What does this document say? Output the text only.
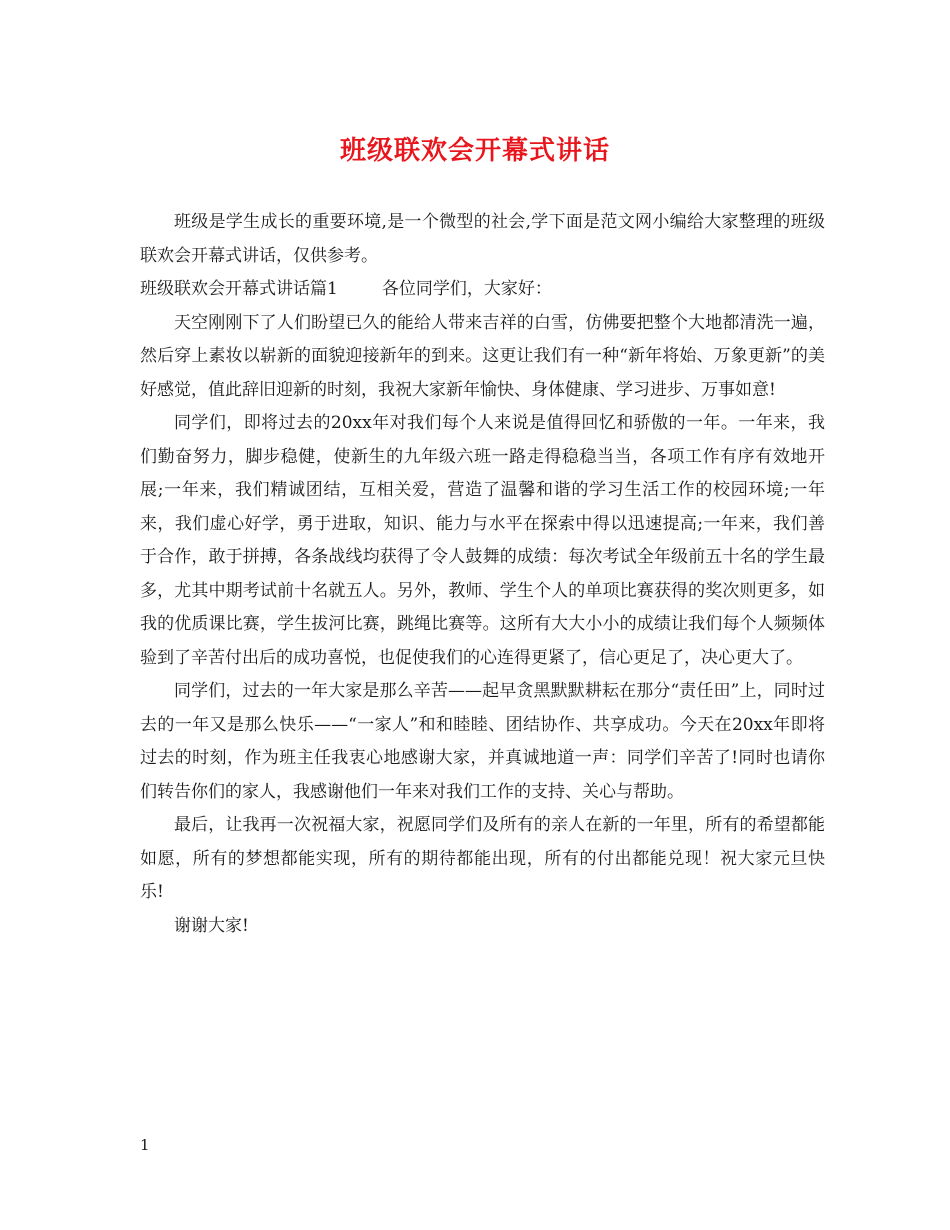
班级联欢会开幕式讲话

班级是学生成长的重要环境,是一个微型的社会,学下面是范文网小编给大家整理的班级联欢会开幕式讲话，仅供参考。

班级联欢会开幕式讲话篇1	各位同学们，大家好：

天空刚刚下了人们盼望已久的能给人带来吉祥的白雪，仿佛要把整个大地都清洗一遍，然后穿上素妆以崭新的面貌迎接新年的到来。这更让我们有一种“新年将始、万象更新”的美好感觉，值此辞旧迎新的时刻，我祝大家新年愉快、身体健康、学习进步、万事如意!

同学们，即将过去的20xx年对我们每个人来说是值得回忆和骄傲的一年。一年来，我们勤奋努力，脚步稳健，使新生的九年级六班一路走得稳稳当当，各项工作有序有效地开展;一年来，我们精诚团结，互相关爱，营造了温馨和谐的学习生活工作的校园环境;一年来，我们虚心好学，勇于进取，知识、能力与水平在探索中得以迅速提高;一年来，我们善于合作，敢于拼搏，各条战线均获得了令人鼓舞的成绩：每次考试全年级前五十名的学生最多，尤其中期考试前十名就五人。另外，教师、学生个人的单项比赛获得的奖次则更多，如我的优质课比赛，学生拔河比赛，跳绳比赛等。这所有大大小小的成绩让我们每个人频频体验到了辛苦付出后的成功喜悦，也促使我们的心连得更紧了，信心更足了，决心更大了。

同学们，过去的一年大家是那么辛苦——起早贪黑默默耕耘在那分“责任田”上，同时过去的一年又是那么快乐——“一家人”和和睦睦、团结协作、共享成功。今天在20xx年即将过去的时刻，作为班主任我衷心地感谢大家，并真诚地道一声：同学们辛苦了!同时也请你们转告你们的家人，我感谢他们一年来对我们工作的支持、关心与帮助。

最后，让我再一次祝福大家，祝愿同学们及所有的亲人在新的一年里，所有的希望都能如愿，所有的梦想都能实现，所有的期待都能出现，所有的付出都能兑现！祝大家元旦快乐!

谢谢大家!

1
